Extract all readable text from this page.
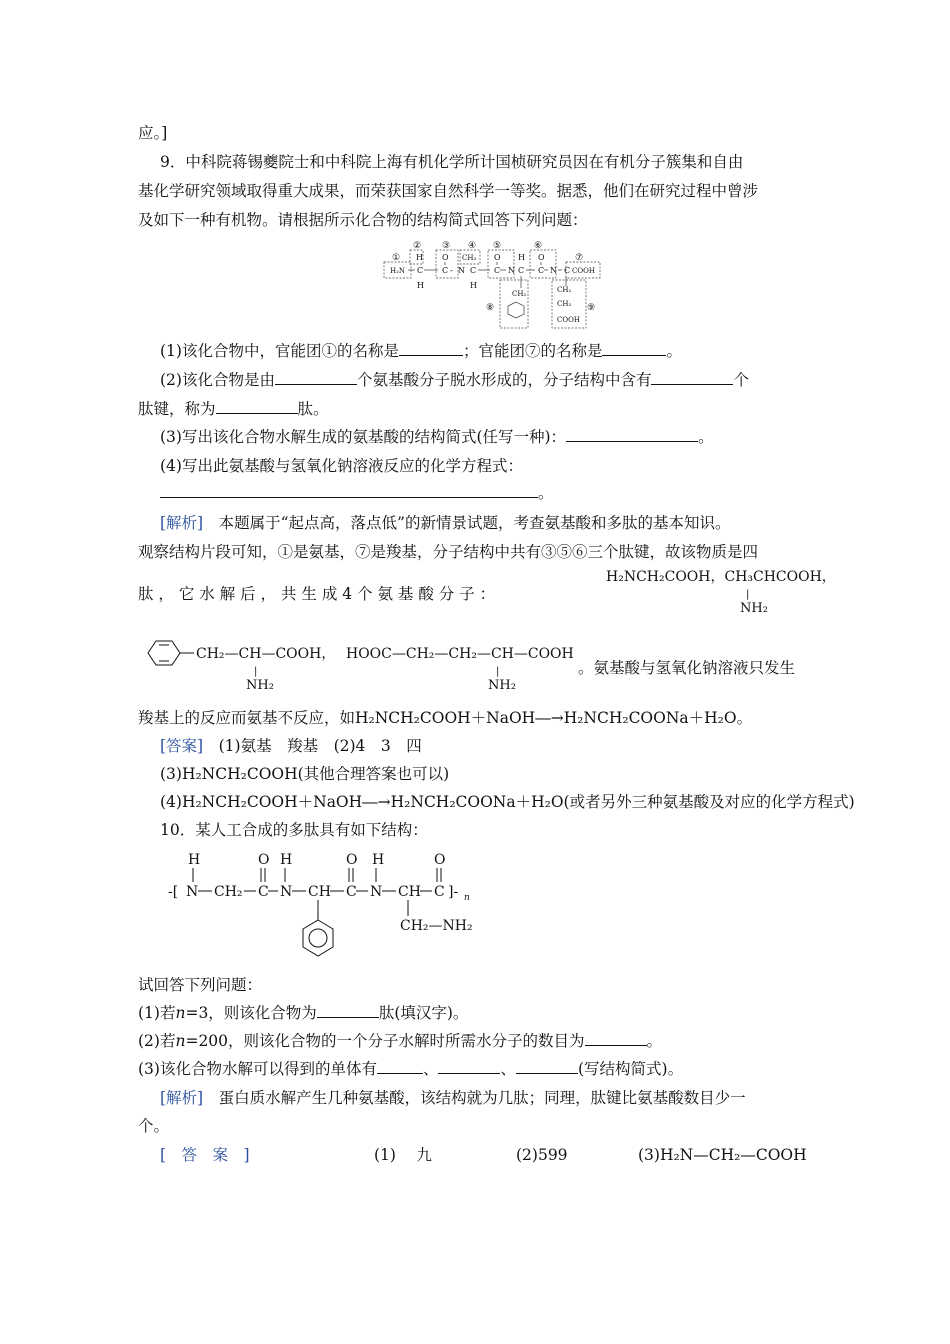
应。]
9．中科院蒋锡夔院士和中科院上海有机化学所计国桢研究员因在有机分子簇集和自由
基化学研究领域取得重大成果，而荣获国家自然科学一等奖。据悉，他们在研究过程中曾涉
及如下一种有机物。请根据所示化合物的结构简式回答下列问题：
①
② ③ ④ ⑤	⑥
⑦
⑧	⑨
H O CH₃ O H O
H₂N C C - N C C N C C N C COOH
H	H
CH₂	CH₂
CH₂
COOH
(1)该化合物中，官能团①的名称是	；官能团⑦的名称是	。
(2)该化合物是由	个氨基酸分子脱水形成的，分子结构中含有	个
肽键，称为	肽。
(3)写出该化合物水解生成的氨基酸的结构简式(任写一种)：	。
(4)写出此氨基酸与氢氧化钠溶液反应的化学方程式：
。
[解析]　 本题属于“起点高，落点低”的新情景试题，考查氨基酸和多肽的基本知识。
观察结构片段可知，①是氨基，⑦是羧基，分子结构中共有③⑤⑥三个肽键，故该物质是四
肽 ， 它 水 解 后 ， 共 生 成 4 个 氨 基 酸 分 子 ：
H₂NCH₂COOH，CH₃CHCOOH，
|
NH₂
CH₂—CH—COOH，
|
NH₂
HOOC—CH₂—CH₂—CH—COOH
|
NH₂
。氨基酸与氢氧化钠溶液只发生
羧基上的反应而氨基不反应，如H₂NCH₂COOH＋NaOH―→H₂NCH₂COONa＋H₂O。
[答案]　 (1)氨基　羧基　(2)4　3　四
(3)H₂NCH₂COOH(其他合理答案也可以)
(4)H₂NCH₂COOH＋NaOH―→H₂NCH₂COONa＋H₂O(或者另外三种氨基酸及对应的化学方程式)
10．某人工合成的多肽具有如下结构：
H	O H	O H	O
-[ N CH₂ C N CH C N CH C ]- n
CH₂—NH₂
试回答下列问题：
(1)若n=3，则该化合物为	肽(填汉字)。
(2)若n=200，则该化合物的一个分子水解时所需水分子的数目为	。
(3)该化合物水解可以得到的单体有	、	、	(写结构简式)。
[解析]　 蛋白质水解产生几种氨基酸，该结构就为几肽；同理，肽键比氨基酸数目少一
个。
[　答　案　]	(1)　 九	(2)599	(3)H₂N—CH₂—COOH
